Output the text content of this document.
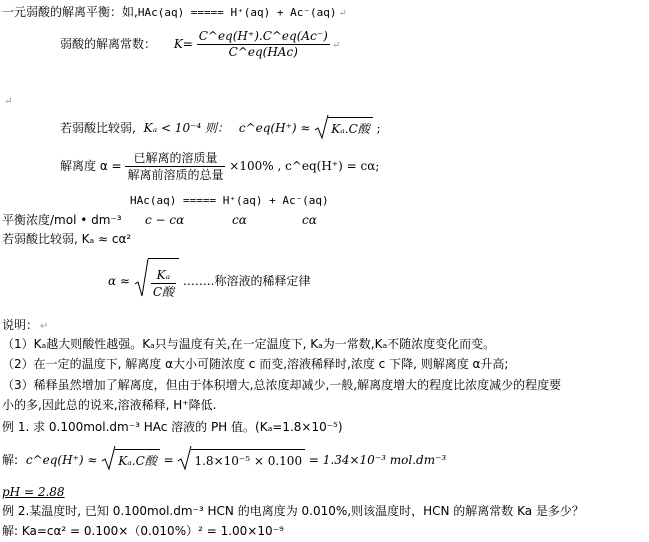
一元弱酸的解离平衡：如,HAc(aq) ===== H⁺(aq) + Ac⁻(aq) ↵
弱酸的解离常数： $K= \frac{C\^{}eq(H^+).C\^{}eq(Ac^-)}{\text{C\textasciicircum{}eq(HAc)}}$ ↵
↵
若弱酸比较弱, Kₐ < 10⁻⁴ 则： c^eq(H⁺) ≈ Kₐ.C酸 ;
解离度 $\alpha = \frac{\text{已解离的溶质量}}{\text{解离前溶质的总量}} \times 100\%$ , c^eq(H⁺) = cα;
HAc(aq) ===== H⁺(aq) + Ac⁻(aq)
平衡浓度/mol • dm⁻³ c − cα	cα	cα
若弱酸比较弱, Kₐ ≈ cα²
$\alpha \approx \frac{\text{Kₐ}}{\text{C酸}}$ ……..称溶液的稀释定律
说明： ↵
（1）Kₐ越大则酸性越强。Kₐ只与温度有关,在一定温度下, Kₐ为一常数,Kₐ不随浓度变化而变。
（2）在一定的温度下, 解离度 α大小可随浓度 c 而变,溶液稀释时,浓度 c 下降, 则解离度 α升高;
（3）稀释虽然增加了解离度，但由于体积增大,总浓度却减少,一般,解离度增大的程度比浓度减少的程度要
小的多,因此总的说来,溶液稀释, H⁺降低.
例 1. 求 0.100mol.dm⁻³ HAc 溶液的 PH 值。(Kₐ=1.8×10⁻⁵)
解: c^eq(H⁺) ≈ Kₐ.C酸 = 1.8×10⁻⁵ × 0.100 = 1.34×10⁻³ mol.dm⁻³
pH = 2.88
例 2.某温度时, 已知 0.100mol.dm⁻³ HCN 的电离度为 0.010%,则该温度时，HCN 的解离常数 Ka 是多少？
解: Ka=cα² = 0.100×（0.010%）² = 1.00×10⁻⁹
